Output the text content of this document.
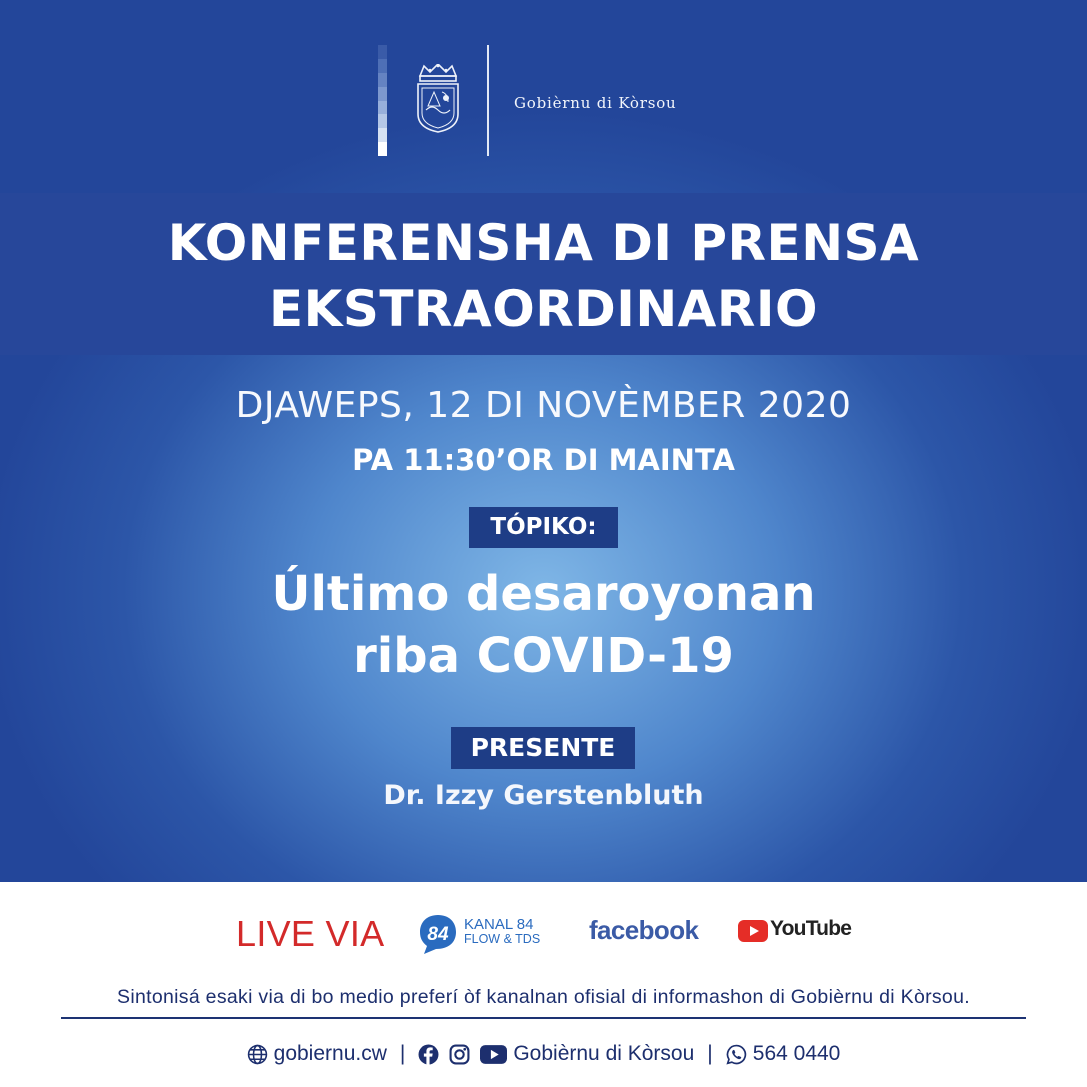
Gobièrnu di Kòrsou
KONFERENSHA DI PRENSA
EKSTRAORDINARIO
DJAWEPS, 12 DI NOVÈMBER 2020
PA 11:30’OR DI MAINTA
TÓPIKO:
Último desaroyonan
riba COVID-19
PRESENTE
Dr. Izzy Gerstenbluth
LIVE VIA 84 KANAL 84
FLOW & TDS facebook	YouTube
Sintonisá esaki via di bo medio preferí òf kanalnan ofisial di informashon di Gobièrnu di Kòrsou.
gobiernu.cw |	Gobièrnu di Kòrsou | 564 0440
